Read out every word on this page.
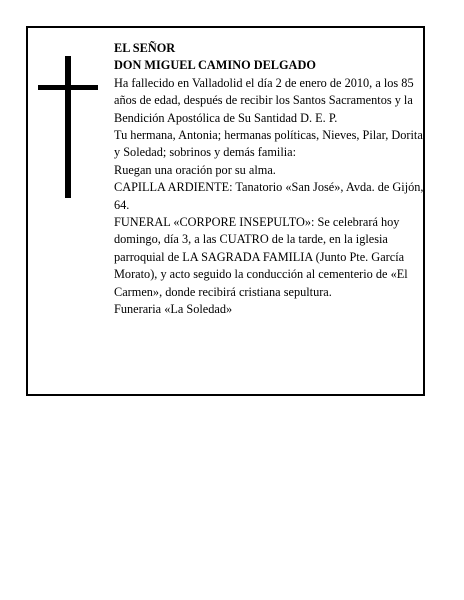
EL SEÑOR

DON MIGUEL CAMINO DELGADO

Ha fallecido en Valladolid el día 2 de enero de 2010, a los 85 años de edad, después de recibir los Santos Sacramentos y la Bendición Apostólica de Su Santidad D. E. P.

Tu hermana, Antonia; hermanas políticas, Nieves, Pilar, Dorita y Soledad; sobrinos y demás familia:

Ruegan una oración por su alma.

CAPILLA ARDIENTE: Tanatorio «San José», Avda. de Gijón, 64.

FUNERAL «CORPORE INSEPULTO»: Se celebrará hoy domingo, día 3, a las CUATRO de la tarde, en la iglesia parroquial de LA SAGRADA FAMILIA (Junto Pte. García Morato), y acto seguido la conducción al cementerio de «El Carmen», donde recibirá cristiana sepultura.

Funeraria «La Soledad»
